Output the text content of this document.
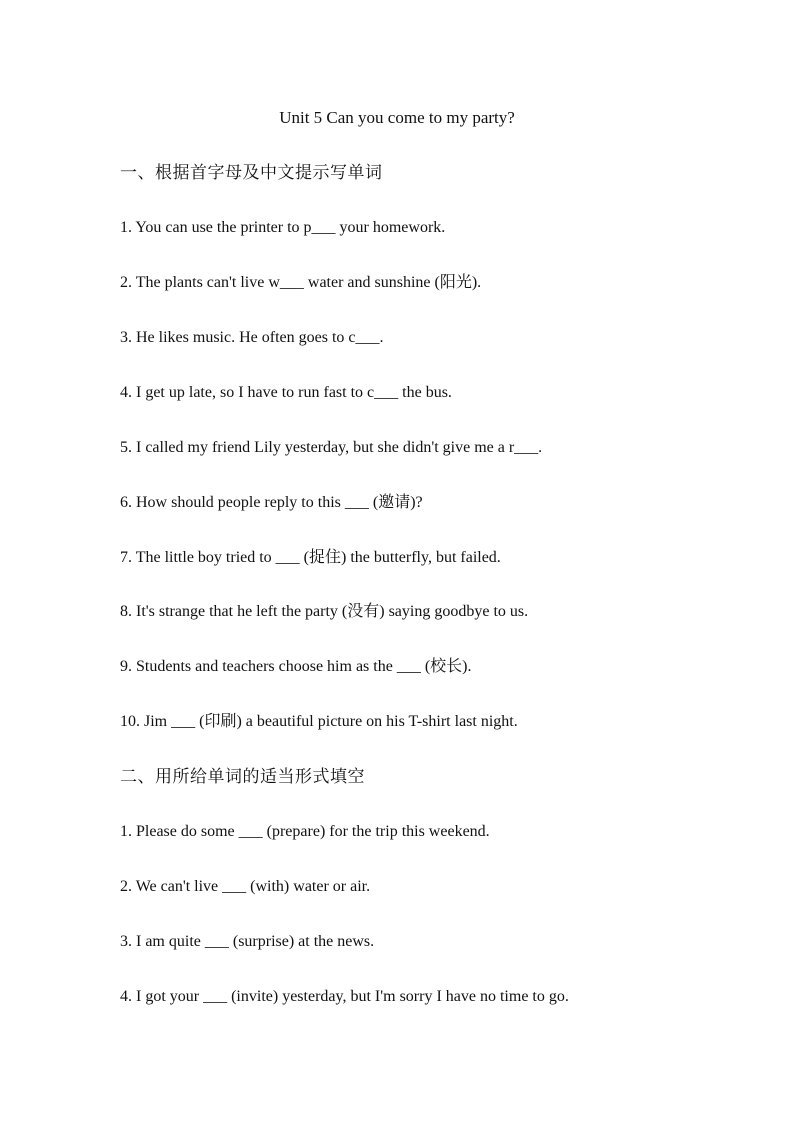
Unit 5 Can you come to my party?
一、根据首字母及中文提示写单词
1. You can use the printer to p___ your homework.
2. The plants can't live w___ water and sunshine (阳光).
3. He likes music. He often goes to c___.
4. I get up late, so I have to run fast to c___ the bus.
5. I called my friend Lily yesterday, but she didn't give me a r___.
6. How should people reply to this ___ (邀请)?
7. The little boy tried to ___ (捉住) the butterfly, but failed.
8. It's strange that he left the party (没有) saying goodbye to us.
9. Students and teachers choose him as the ___ (校长).
10. Jim ___ (印刷) a beautiful picture on his T-shirt last night.
二、用所给单词的适当形式填空
1. Please do some ___ (prepare) for the trip this weekend.
2. We can't live ___ (with) water or air.
3. I am quite ___ (surprise) at the news.
4. I got your ___ (invite) yesterday, but I'm sorry I have no time to go.
